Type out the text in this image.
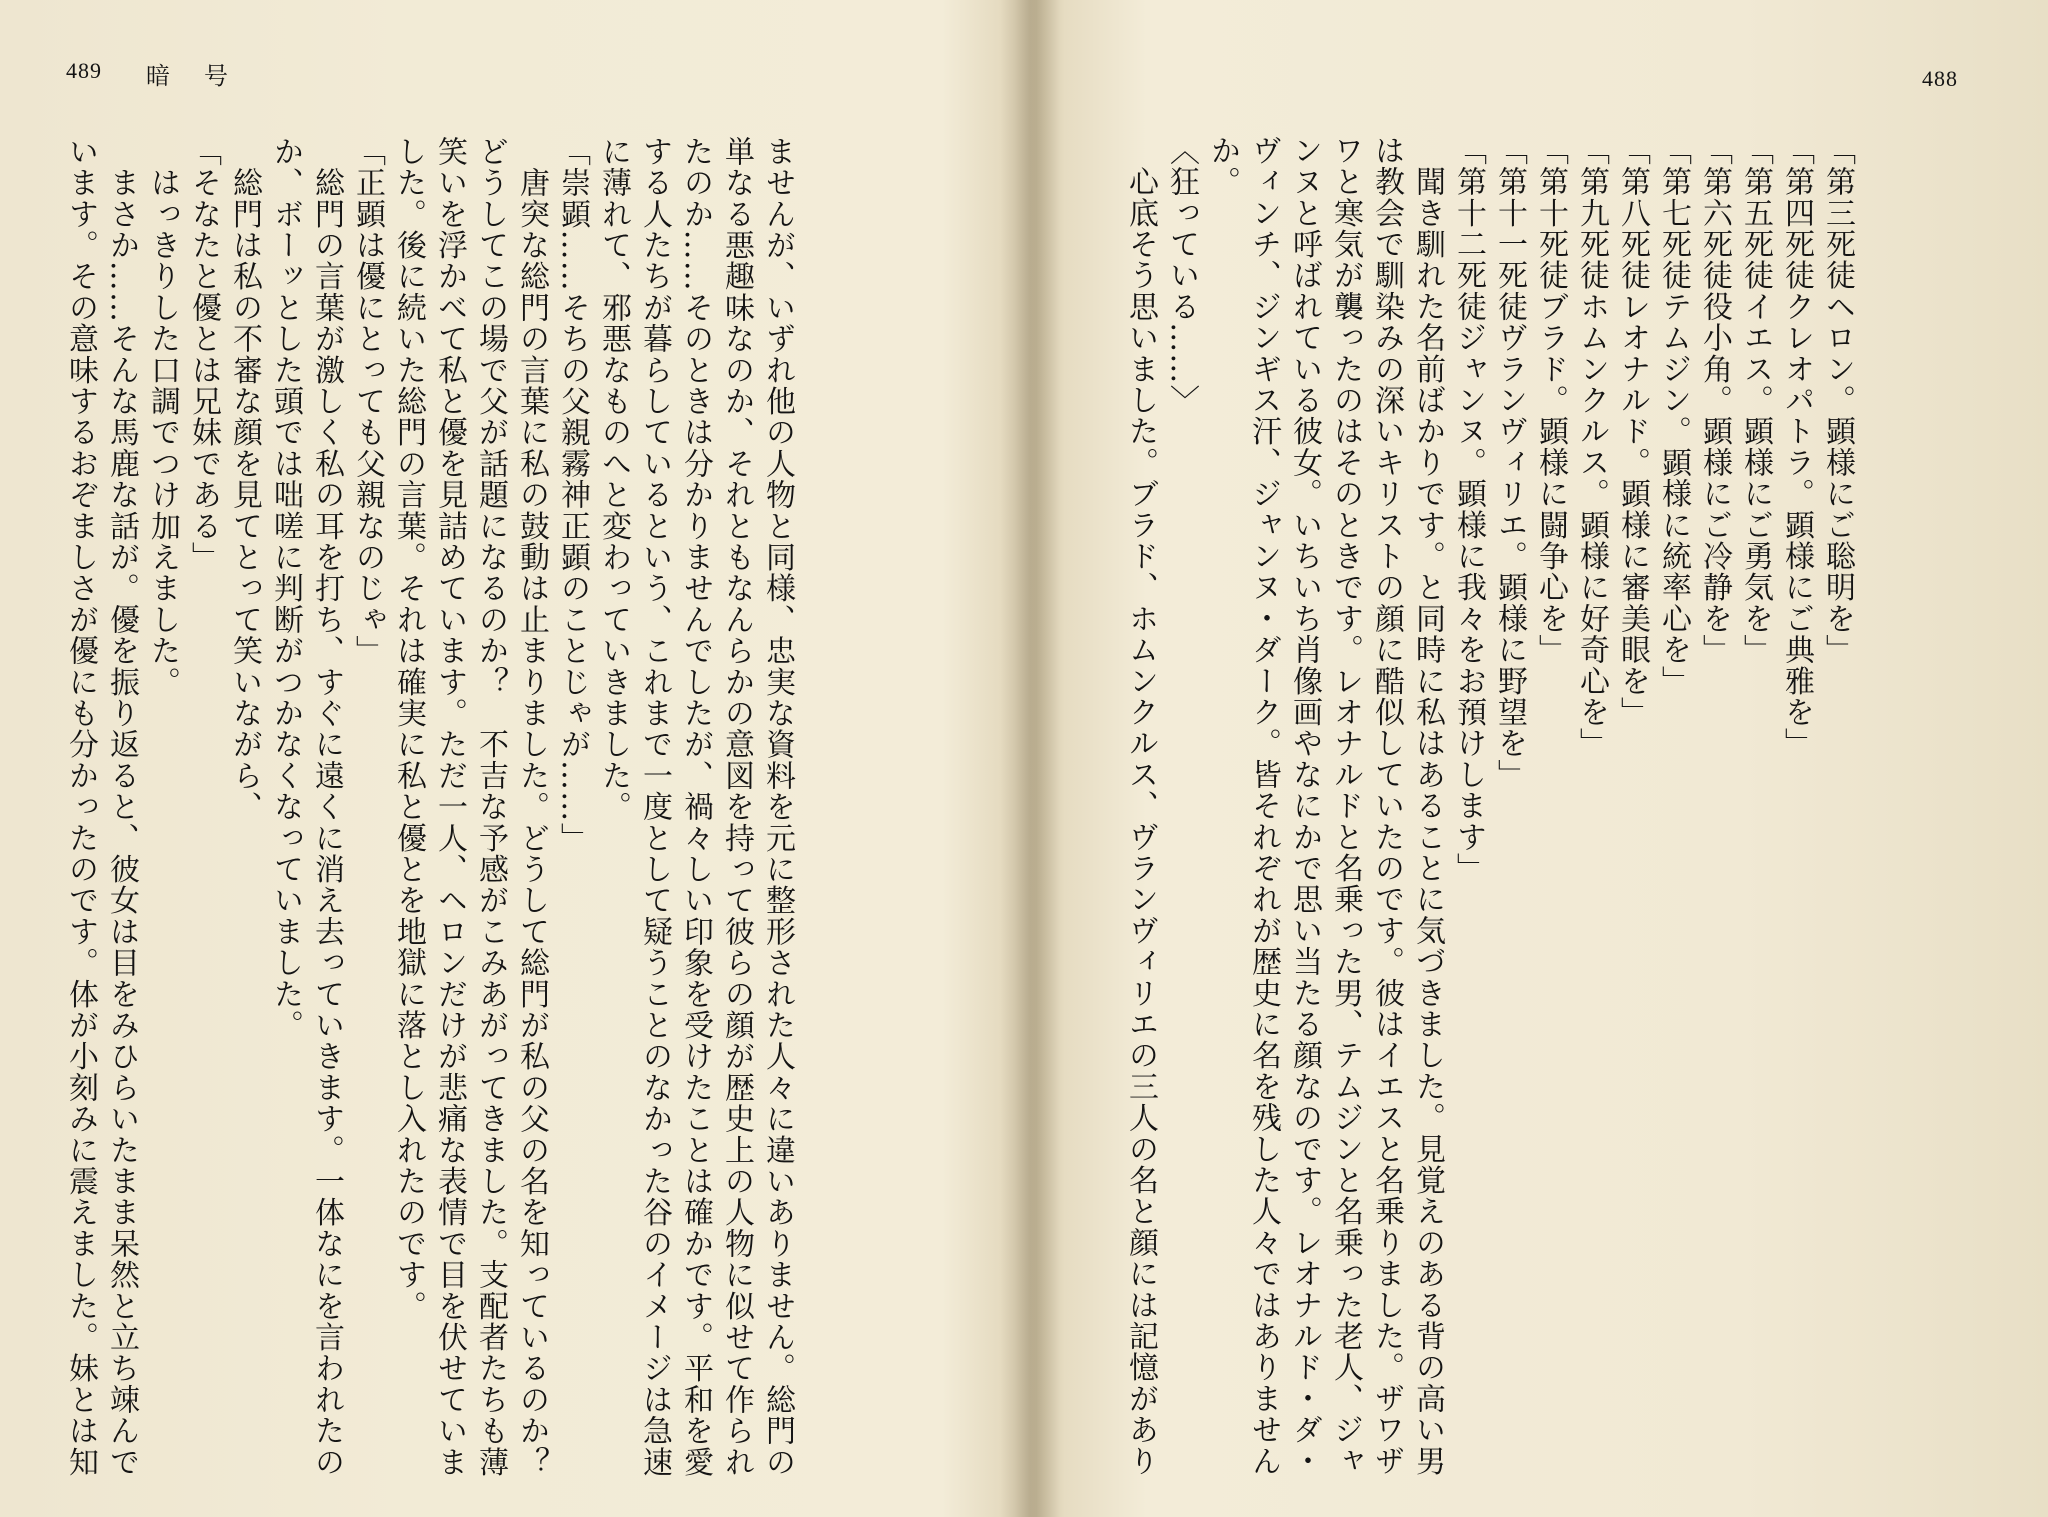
489 暗 号
ませんが、いずれ他の人物と同様、忠実な資料を元に整形された人々に違いありません。総門の
単なる悪趣味なのか、それともなんらかの意図を持って彼らの顔が歴史上の人物に似せて作られ
たのか……そのときは分かりませんでしたが、禍々しい印象を受けたことは確かです。平和を愛
する人たちが暮らしているという、これまで一度として疑うことのなかった谷のイメージは急速
に薄れて、邪悪なものへと変わっていきました。
「崇顕……そちの父親霧神正顕のことじゃが……」
　唐突な総門の言葉に私の鼓動は止まりました。どうして総門が私の父の名を知っているのか？
どうしてこの場で父が話題になるのか？　不吉な予感がこみあがってきました。支配者たちも薄
笑いを浮かべて私と優を見詰めています。ただ一人、ヘロンだけが悲痛な表情で目を伏せていま
した。後に続いた総門の言葉。それは確実に私と優とを地獄に落とし入れたのです。
「正顕は優にとっても父親なのじゃ」
　総門の言葉が激しく私の耳を打ち、すぐに遠くに消え去っていきます。一体なにを言われたの
か、ボーッとした頭では咄嗟に判断がつかなくなっていました。
　総門は私の不審な顔を見てとって笑いながら、
「そなたと優とは兄妹である」
　はっきりした口調でつけ加えました。
　まさか……そんな馬鹿な話が。優を振り返ると、彼女は目をみひらいたまま呆然と立ち竦んで
います。その意味するおぞましさが優にも分かったのです。体が小刻みに震えました。妹とは知
488
「第三死徒ヘロン。顕様にご聡明を」
「第四死徒クレオパトラ。顕様にご典雅を」
「第五死徒イエス。顕様にご勇気を」
「第六死徒役小角。顕様にご冷静を」
「第七死徒テムジン。顕様に統率心を」
「第八死徒レオナルド。顕様に審美眼を」
「第九死徒ホムンクルス。顕様に好奇心を」
「第十死徒ブラド。顕様に闘争心を」
「第十一死徒ヴランヴィリエ。顕様に野望を」
「第十二死徒ジャンヌ。顕様に我々をお預けします」
　聞き馴れた名前ばかりです。と同時に私はあることに気づきました。見覚えのある背の高い男
は教会で馴染みの深いキリストの顔に酷似していたのです。彼はイエスと名乗りました。ザワザ
ワと寒気が襲ったのはそのときです。レオナルドと名乗った男、テムジンと名乗った老人、ジャ
ンヌと呼ばれている彼女。いちいち肖像画やなにかで思い当たる顔なのです。レオナルド・ダ・
ヴィンチ、ジンギス汗、ジャンヌ・ダーク。皆それぞれが歴史に名を残した人々ではありません
か。
〈狂っている……〉
　心底そう思いました。ブラド、ホムンクルス、ヴランヴィリエの三人の名と顔には記憶があり
